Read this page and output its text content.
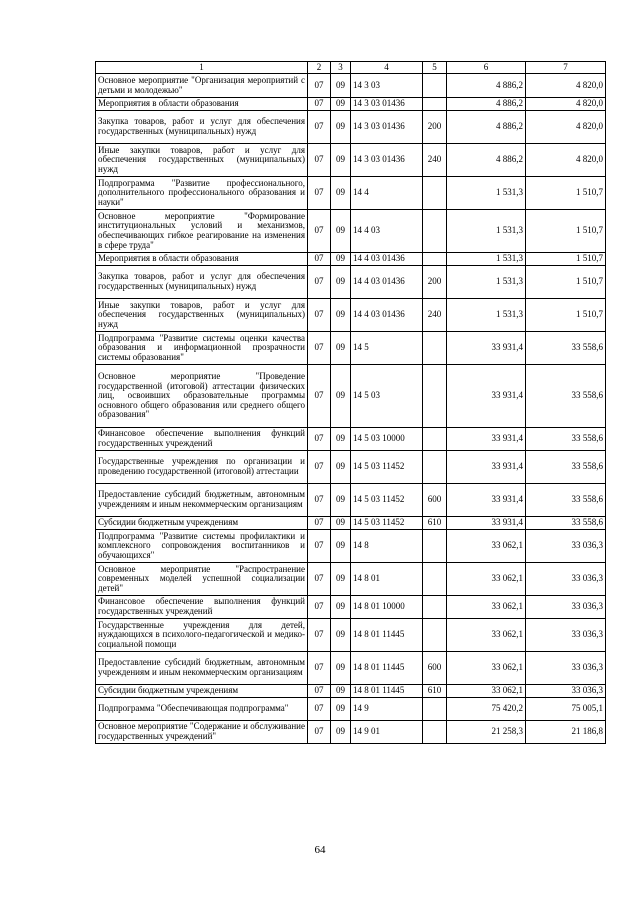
1	2	3	4	5	6	7
Основное мероприятие "Организация мероприятий с детьми и молодежью"	07	09	14 3 03		4 886,2	4 820,0
Мероприятия в области образования	07	09	14 3 03 01436		4 886,2	4 820,0
Закупка товаров, работ и услуг для обеспечения государственных (муниципальных) нужд	07	09	14 3 03 01436	200	4 886,2	4 820,0
Иные закупки товаров, работ и услуг для обеспечения государственных (муниципальных) нужд	07	09	14 3 03 01436	240	4 886,2	4 820,0
Подпрограмма "Развитие профессионального, дополнительного профессионального образования и науки"	07	09	14 4		1 531,3	1 510,7
Основное мероприятие "Формирование институциональных условий и механизмов, обеспечивающих гибкое реагирование на изменения в сфере труда"	07	09	14 4 03		1 531,3	1 510,7
Мероприятия в области образования	07	09	14 4 03 01436		1 531,3	1 510,7
Закупка товаров, работ и услуг для обеспечения государственных (муниципальных) нужд	07	09	14 4 03 01436	200	1 531,3	1 510,7
Иные закупки товаров, работ и услуг для обеспечения государственных (муниципальных) нужд	07	09	14 4 03 01436	240	1 531,3	1 510,7
Подпрограмма "Развитие системы оценки качества образования и информационной прозрачности системы образования"	07	09	14 5		33 931,4	33 558,6
Основное мероприятие "Проведение государственной (итоговой) аттестации физических лиц, освоивших образовательные программы основного общего образования или среднего общего образования"	07	09	14 5 03		33 931,4	33 558,6
Финансовое обеспечение выполнения функций государственных учреждений	07	09	14 5 03 10000		33 931,4	33 558,6
Государственные учреждения по организации и проведению государственной (итоговой) аттестации	07	09	14 5 03 11452		33 931,4	33 558,6
Предоставление субсидий бюджетным, автономным учреждениям и иным некоммерческим организациям	07	09	14 5 03 11452	600	33 931,4	33 558,6
Субсидии бюджетным учреждениям	07	09	14 5 03 11452	610	33 931,4	33 558,6
Подпрограмма "Развитие системы профилактики и комплексного сопровождения воспитанников и обучающихся"	07	09	14 8		33 062,1	33 036,3
Основное мероприятие "Распространение современных моделей успешной социализации детей"	07	09	14 8 01		33 062,1	33 036,3
Финансовое обеспечение выполнения функций государственных учреждений	07	09	14 8 01 10000		33 062,1	33 036,3
Государственные учреждения для детей, нуждающихся в психолого-педагогической и медико-социальной помощи	07	09	14 8 01 11445		33 062,1	33 036,3
Предоставление субсидий бюджетным, автономным учреждениям и иным некоммерческим организациям	07	09	14 8 01 11445	600	33 062,1	33 036,3
Субсидии бюджетным учреждениям	07	09	14 8 01 11445	610	33 062,1	33 036,3
Подпрограмма "Обеспечивающая подпрограмма"	07	09	14 9		75 420,2	75 005,1
Основное мероприятие "Содержание и обслуживание государственных учреждений"	07	09	14 9 01		21 258,3	21 186,8
64
